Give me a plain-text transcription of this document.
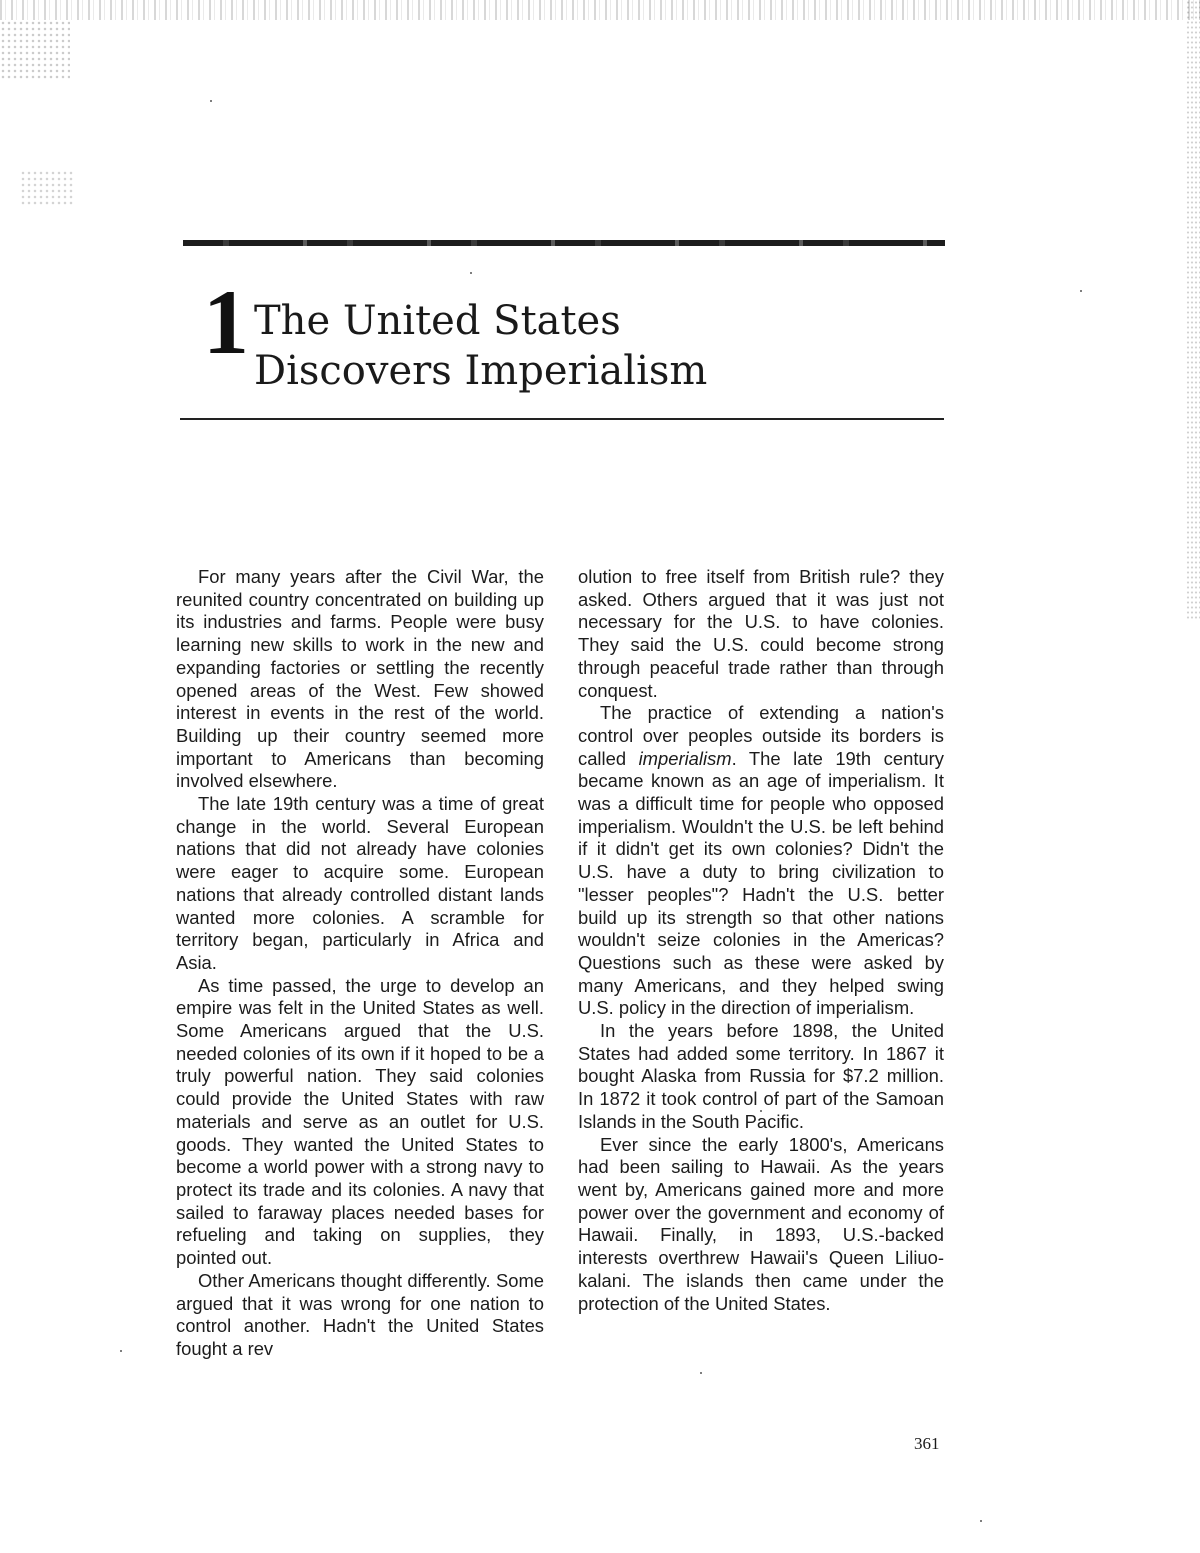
1 The United States
Discovers Imperialism

For many years after the Civil War, the reunited country concentrated on building up its industries and farms. People were busy learning new skills to work in the new and expanding factories or settling the recently opened areas of the West. Few showed interest in events in the rest of the world. Building up their country seemed more important to Americans than becoming involved elsewhere.

The late 19th century was a time of great change in the world. Several European nations that did not already have colonies were eager to acquire some. European nations that already controlled distant lands wanted more colonies. A scramble for territory began, particularly in Africa and Asia.

As time passed, the urge to develop an empire was felt in the United States as well. Some Americans argued that the U.S. needed colonies of its own if it hoped to be a truly powerful nation. They said colonies could provide the United States with raw materials and serve as an outlet for U.S. goods. They wanted the United States to become a world power with a strong navy to protect its trade and its colonies. A navy that sailed to faraway places needed bases for refueling and taking on supplies, they pointed out.

Other Americans thought differently. Some argued that it was wrong for one nation to control another. Hadn't the United States fought a rev

olution to free itself from British rule? they asked. Others argued that it was just not necessary for the U.S. to have colonies. They said the U.S. could become strong through peaceful trade rather than through conquest.

The practice of extending a nation's control over peoples outside its borders is called imperialism. The late 19th century became known as an age of imperialism. It was a difficult time for people who opposed imperialism. Wouldn't the U.S. be left behind if it didn't get its own colonies? Didn't the U.S. have a duty to bring civilization to "lesser peoples"? Hadn't the U.S. better build up its strength so that other nations wouldn't seize colonies in the Americas? Questions such as these were asked by many Americans, and they helped swing U.S. policy in the direction of imperialism.

In the years before 1898, the United States had added some territory. In 1867 it bought Alaska from Russia for $7.2 million. In 1872 it took control of part of the Samoan Islands in the South Pacific.

Ever since the early 1800's, Americans had been sailing to Hawaii. As the years went by, Americans gained more and more power over the government and economy of Hawaii. Finally, in 1893, U.S.-backed interests overthrew Hawaii's Queen Liliuokalani. The islands then came under the protection of the United States.

361
